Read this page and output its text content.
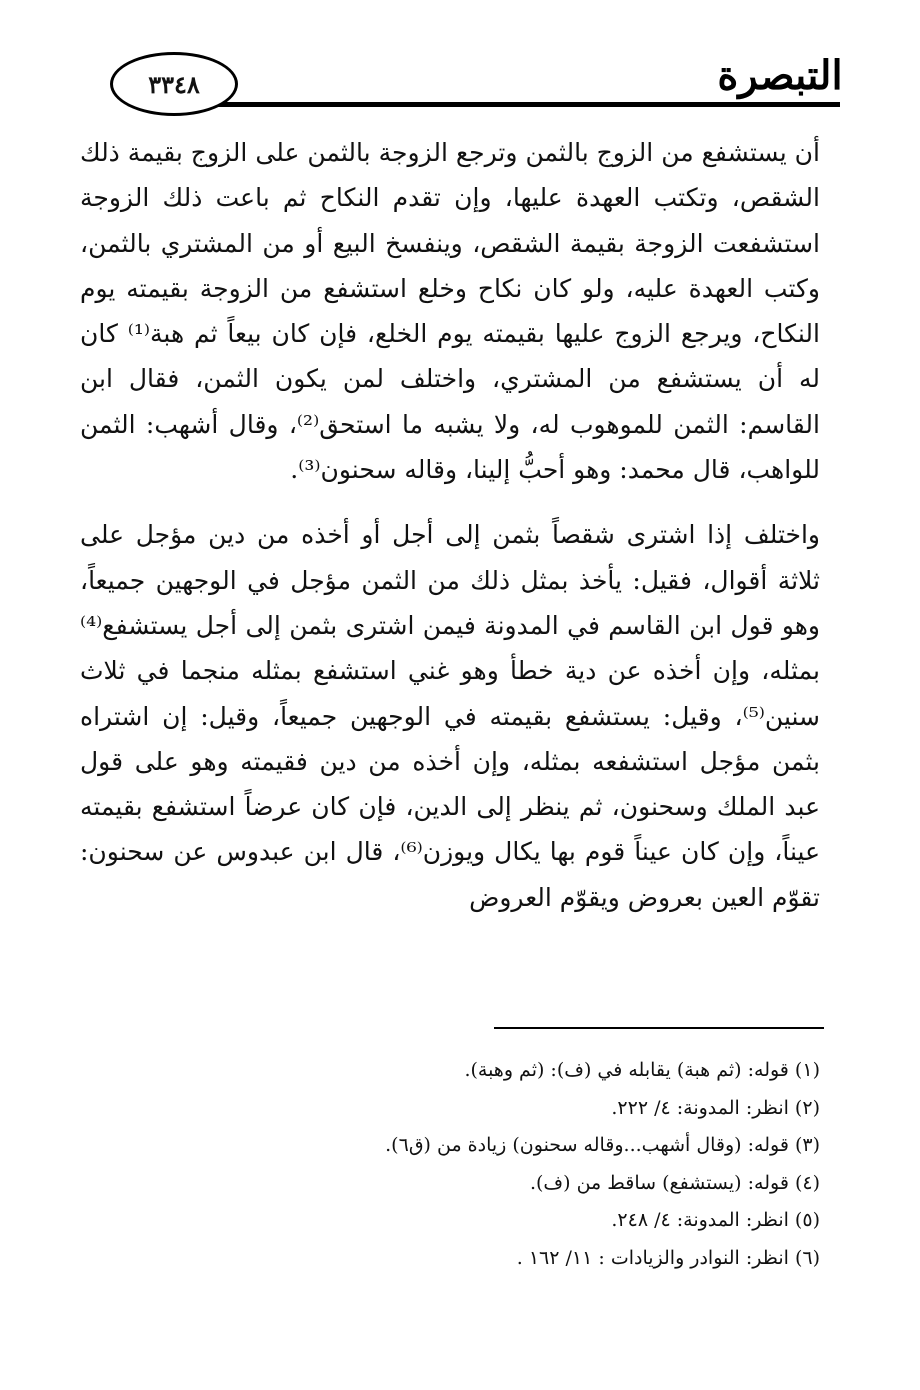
التبصرة
٣٣٤٨

أن يستشفع من الزوج بالثمن وترجع الزوجة بالثمن على الزوج بقيمة ذلك الشقص، وتكتب العهدة عليها، وإن تقدم النكاح ثم باعت ذلك الزوجة استشفعت الزوجة بقيمة الشقص، وينفسخ البيع أو من المشتري بالثمن، وكتب العهدة عليه، ولو كان نكاح وخلع استشفع من الزوجة بقيمته يوم النكاح، ويرجع الزوج عليها بقيمته يوم الخلع، فإن كان بيعاً ثم هبة⁽¹⁾ كان له أن يستشفع من المشتري، واختلف لمن يكون الثمن، فقال ابن القاسم: الثمن للموهوب له، ولا يشبه ما استحق⁽²⁾، وقال أشهب: الثمن للواهب، قال محمد: وهو أحبُّ إلينا، وقاله سحنون⁽³⁾.

واختلف إذا اشترى شقصاً بثمن إلى أجل أو أخذه من دين مؤجل على ثلاثة أقوال، فقيل: يأخذ بمثل ذلك من الثمن مؤجل في الوجهين جميعاً، وهو قول ابن القاسم في المدونة فيمن اشترى بثمن إلى أجل يستشفع⁽⁴⁾ بمثله، وإن أخذه عن دية خطأ وهو غني استشفع بمثله منجما في ثلاث سنين⁽⁵⁾، وقيل: يستشفع بقيمته في الوجهين جميعاً، وقيل: إن اشتراه بثمن مؤجل استشفعه بمثله، وإن أخذه من دين فقيمته وهو على قول عبد الملك وسحنون، ثم ينظر إلى الدين، فإن كان عرضاً استشفع بقيمته عيناً، وإن كان عيناً قوم بها يكال ويوزن⁽⁶⁾، قال ابن عبدوس عن سحنون: تقوّم العين بعروض ويقوّم العروض

(١) قوله: (ثم هبة) يقابله في (ف): (ثم وهبة).
(٢) انظر: المدونة: ٤/ ٢٢٢.
(٣) قوله: (وقال أشهب...وقاله سحنون) زيادة من (ق٦).
(٤) قوله: (يستشفع) ساقط من (ف).
(٥) انظر: المدونة: ٤/ ٢٤٨.
(٦) انظر: النوادر والزيادات : ١١/ ١٦٢ .
